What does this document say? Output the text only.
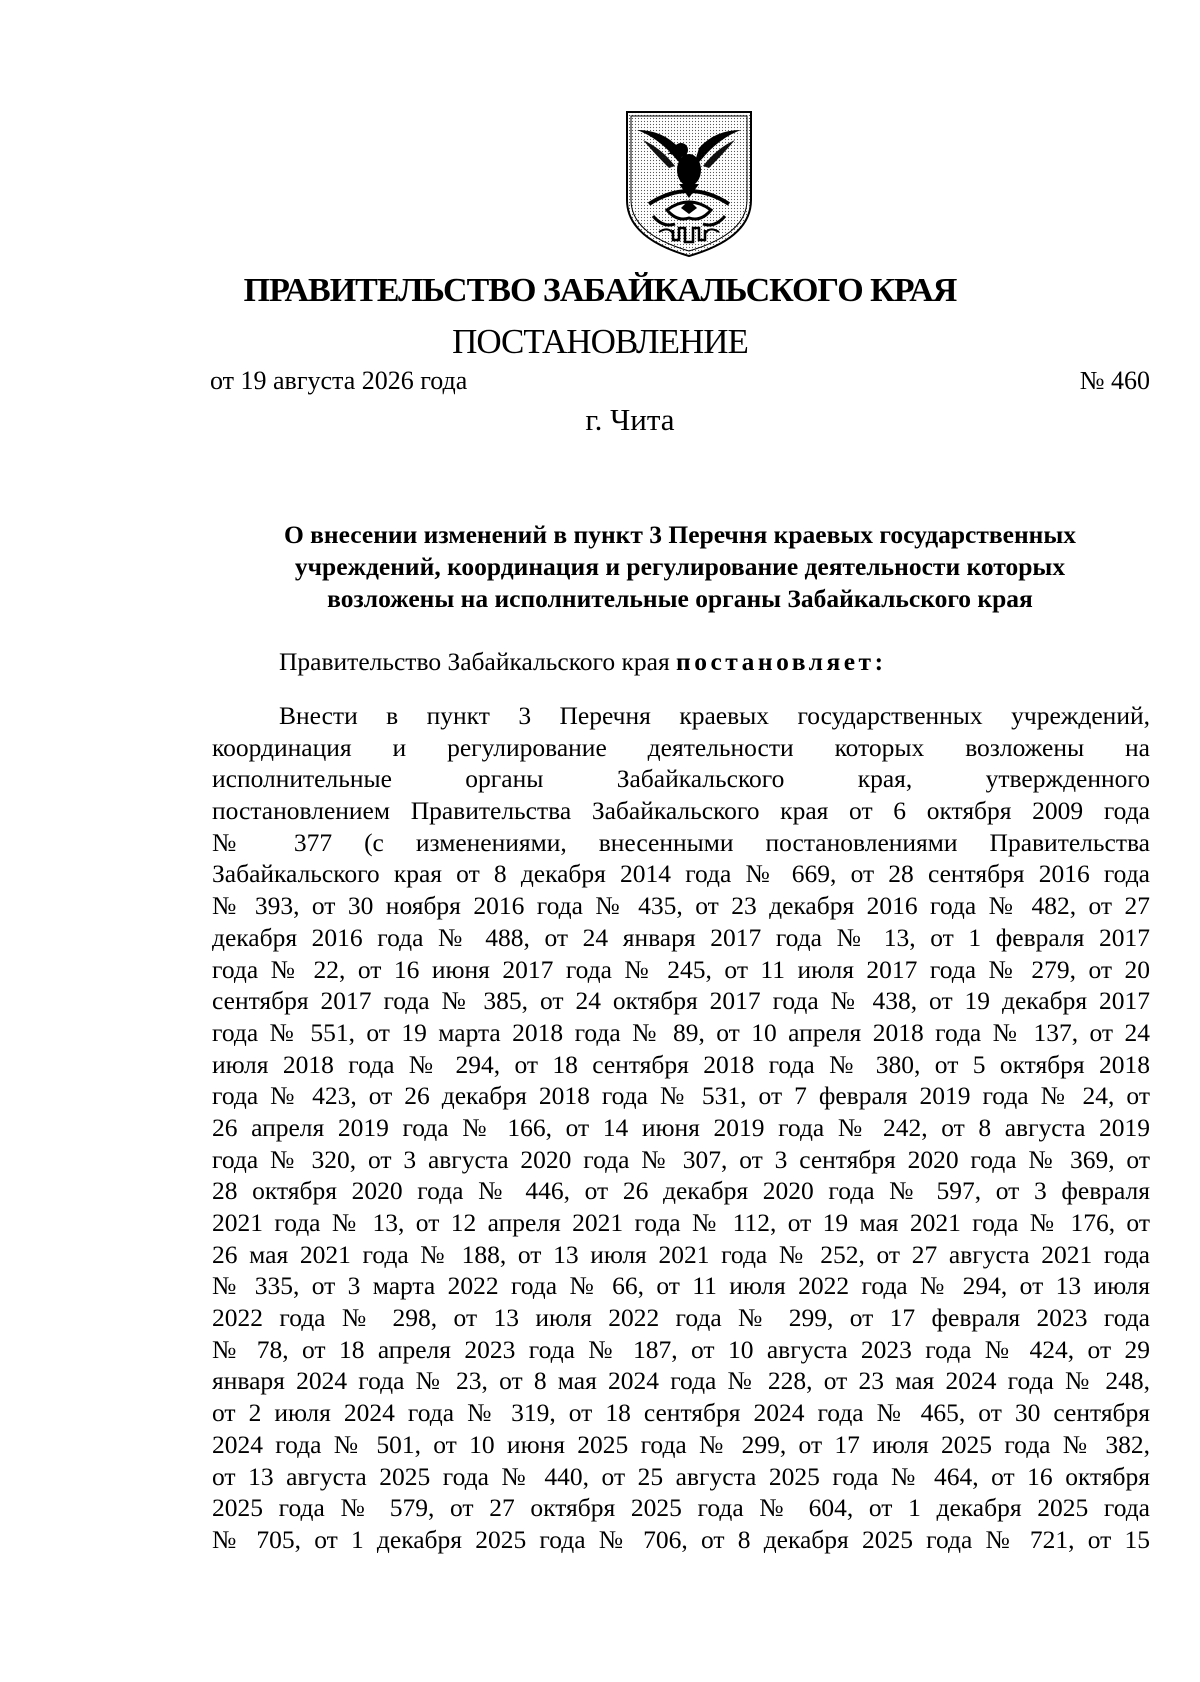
ПРАВИТЕЛЬСТВО ЗАБАЙКАЛЬСКОГО КРАЯ
ПОСТАНОВЛЕНИЕ
от 19 августа 2026 года	№ 460
г. Чита
О внесении изменений в пункт 3 Перечня краевых государственных
учреждений, координация и регулирование деятельности которых
возложены на исполнительные органы Забайкальского края
Правительство Забайкальского края постановляет:
Внести в пункт 3 Перечня краевых государственных учреждений,
координация и регулирование деятельности которых возложены на
исполнительные органы Забайкальского края, утвержденного
постановлением Правительства Забайкальского края от 6 октября 2009 года
№ 377 (с изменениями, внесенными постановлениями Правительства
Забайкальского края от 8 декабря 2014 года № 669, от 28 сентября 2016 года
№ 393, от 30 ноября 2016 года № 435, от 23 декабря 2016 года № 482, от 27
декабря 2016 года № 488, от 24 января 2017 года № 13, от 1 февраля 2017
года № 22, от 16 июня 2017 года № 245, от 11 июля 2017 года № 279, от 20
сентября 2017 года № 385, от 24 октября 2017 года № 438, от 19 декабря 2017
года № 551, от 19 марта 2018 года № 89, от 10 апреля 2018 года № 137, от 24
июля 2018 года № 294, от 18 сентября 2018 года № 380, от 5 октября 2018
года № 423, от 26 декабря 2018 года № 531, от 7 февраля 2019 года № 24, от
26 апреля 2019 года № 166, от 14 июня 2019 года № 242, от 8 августа 2019
года № 320, от 3 августа 2020 года № 307, от 3 сентября 2020 года № 369, от
28 октября 2020 года № 446, от 26 декабря 2020 года № 597, от 3 февраля
2021 года № 13, от 12 апреля 2021 года № 112, от 19 мая 2021 года № 176, от
26 мая 2021 года № 188, от 13 июля 2021 года № 252, от 27 августа 2021 года
№ 335, от 3 марта 2022 года № 66, от 11 июля 2022 года № 294, от 13 июля
2022 года № 298, от 13 июля 2022 года № 299, от 17 февраля 2023 года
№ 78, от 18 апреля 2023 года № 187, от 10 августа 2023 года № 424, от 29
января 2024 года № 23, от 8 мая 2024 года № 228, от 23 мая 2024 года № 248,
от 2 июля 2024 года № 319, от 18 сентября 2024 года № 465, от 30 сентября
2024 года № 501, от 10 июня 2025 года № 299, от 17 июля 2025 года № 382,
от 13 августа 2025 года № 440, от 25 августа 2025 года № 464, от 16 октября
2025 года № 579, от 27 октября 2025 года № 604, от 1 декабря 2025 года
№ 705, от 1 декабря 2025 года № 706, от 8 декабря 2025 года № 721, от 15
